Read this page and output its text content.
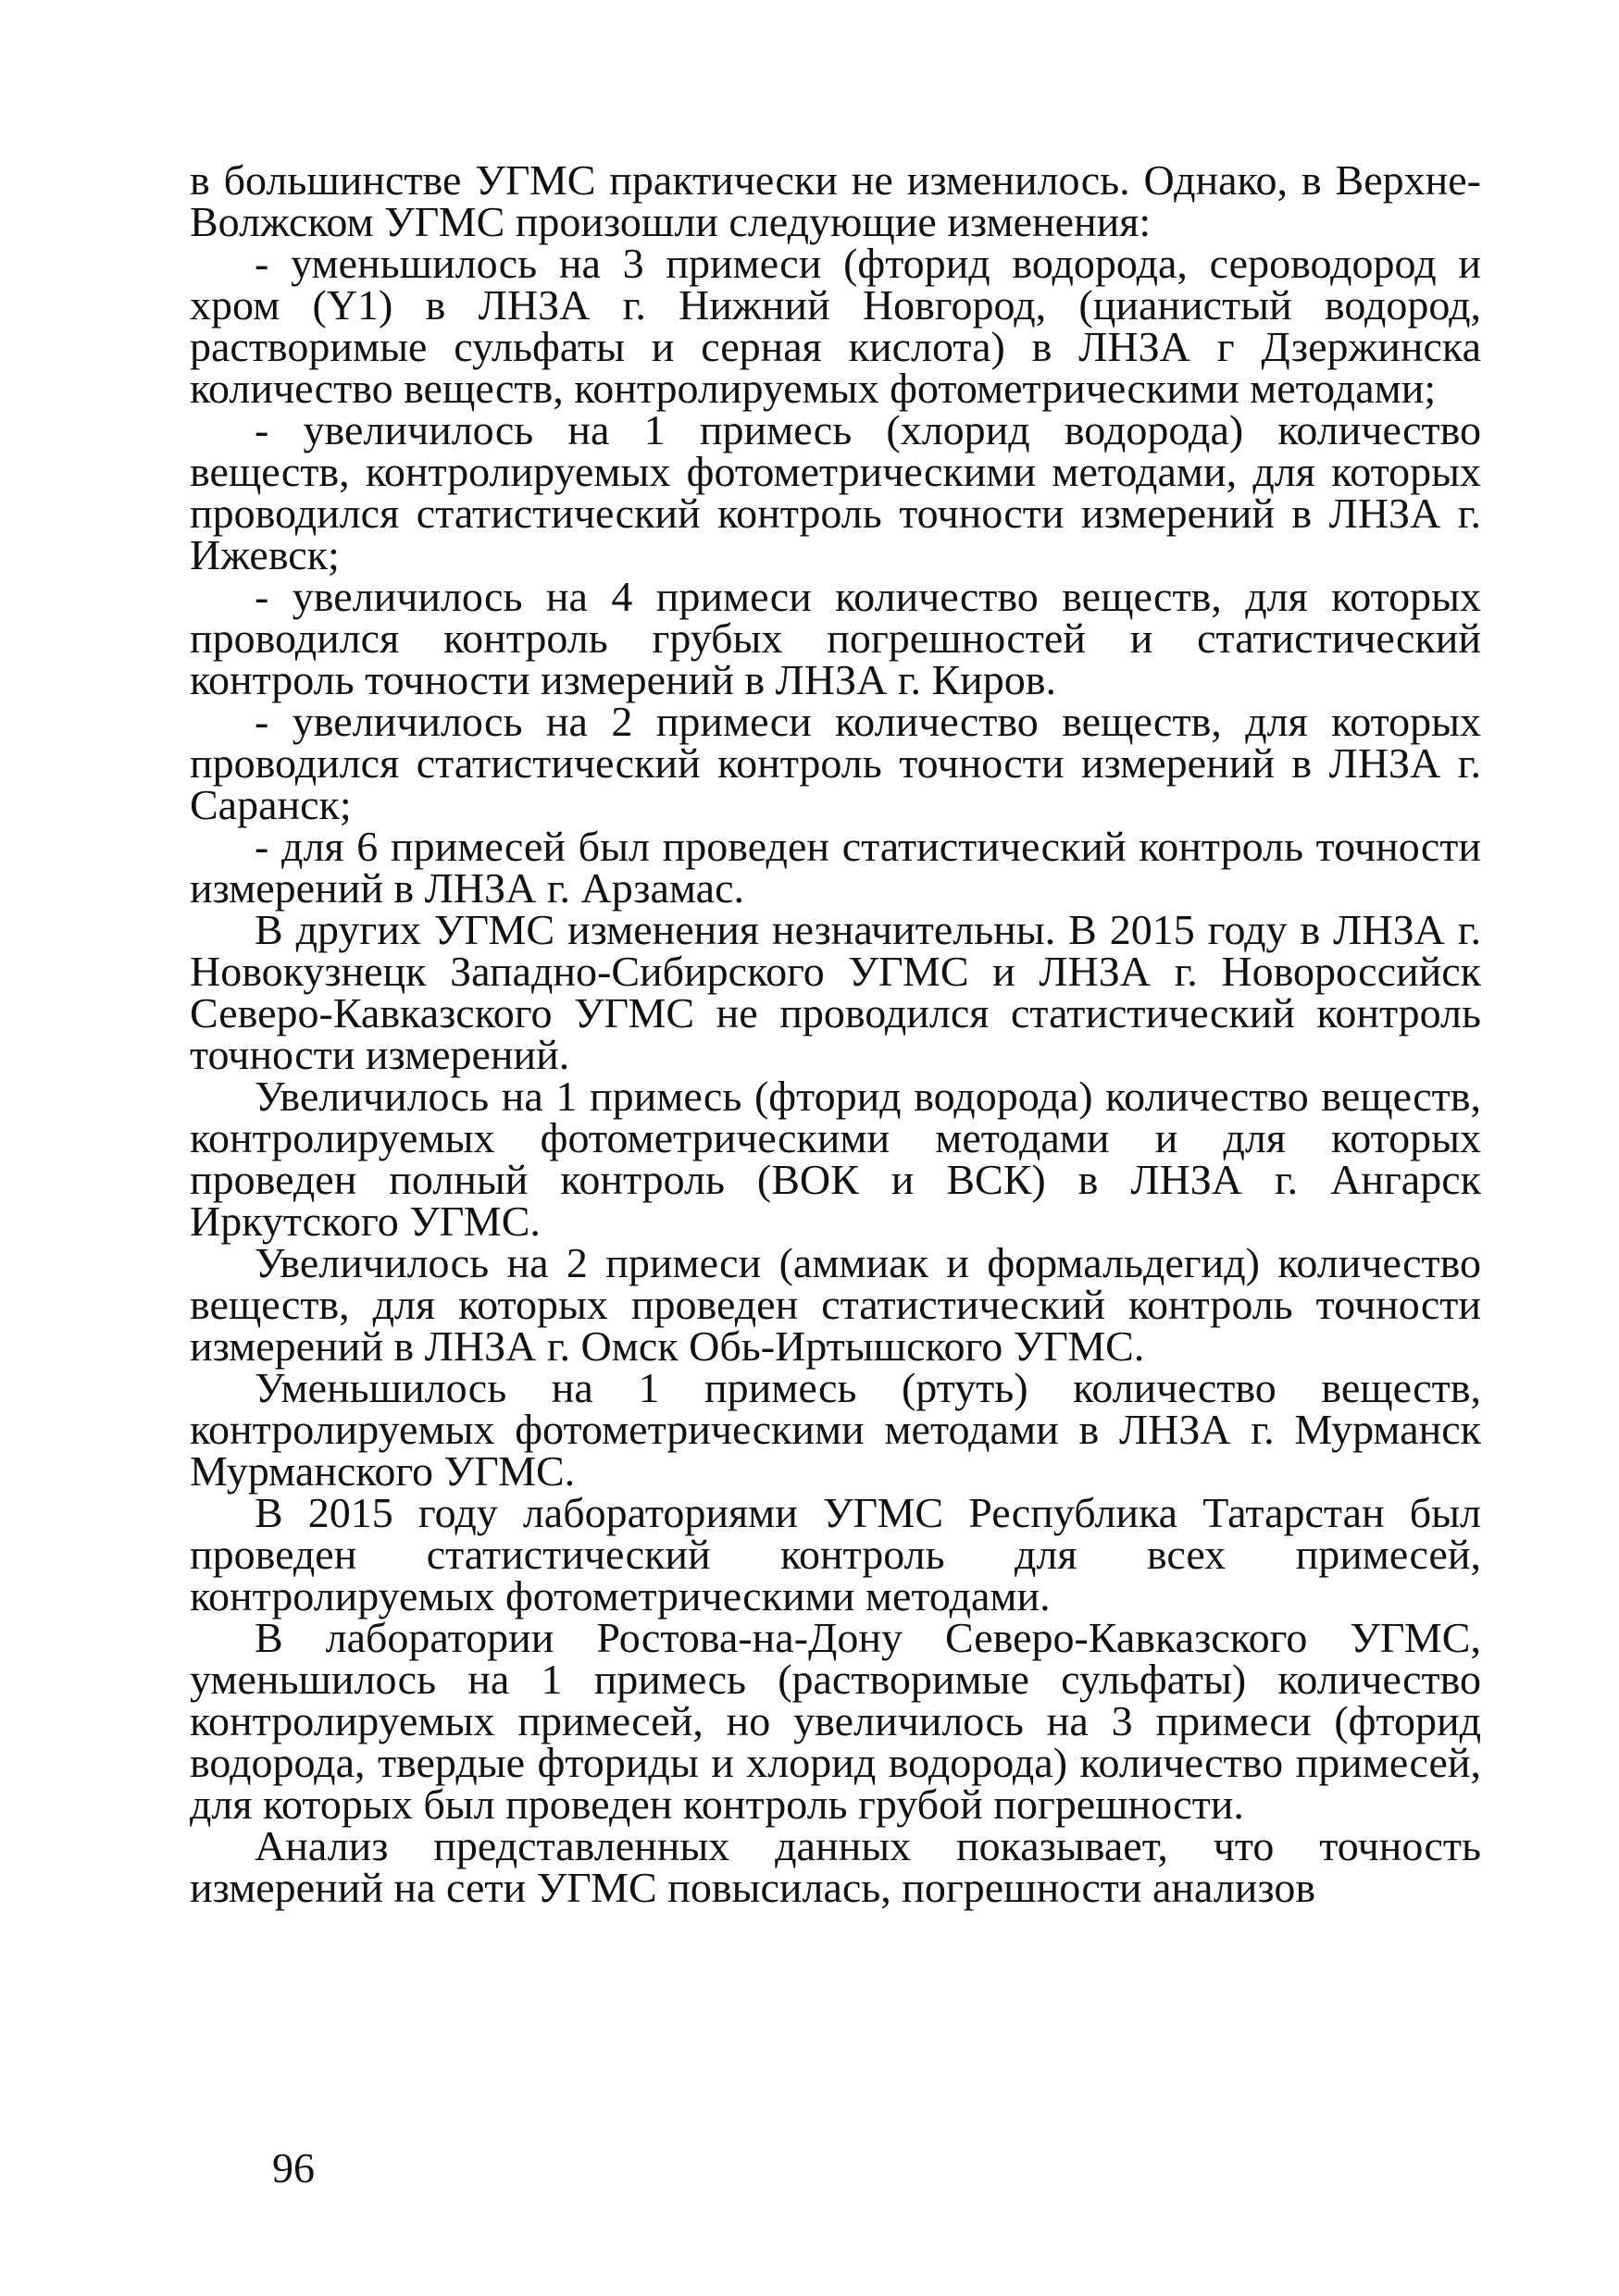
в большинстве УГМС практически не изменилось. Однако, в Верхне-Волжском УГМС произошли следующие изменения:

- уменьшилось на 3 примеси (фторид водорода, сероводород и хром (Y1) в ЛНЗА г. Нижний Новгород, (цианистый водород, растворимые сульфаты и серная кислота) в ЛНЗА г Дзержинска количество веществ, контролируемых фотометрическими методами;

- увеличилось на 1 примесь (хлорид водорода) количество веществ, контролируемых фотометрическими методами, для которых проводился статистический контроль точности измерений в ЛНЗА г. Ижевск;

- увеличилось на 4 примеси количество веществ, для которых проводился контроль грубых погрешностей и статистический контроль точности измерений в ЛНЗА г. Киров.

- увеличилось на 2 примеси количество веществ, для которых проводился статистический контроль точности измерений в ЛНЗА г. Саранск;

- для 6 примесей был проведен статистический контроль точности измерений в ЛНЗА г. Арзамас.

В других УГМС изменения незначительны. В 2015 году в ЛНЗА г. Новокузнецк Западно-Сибирского УГМС и ЛНЗА г. Новороссийск Северо-Кавказского УГМС не проводился статистический контроль точности измерений.

Увеличилось на 1 примесь (фторид водорода) количество веществ, контролируемых фотометрическими методами и для которых проведен полный контроль (ВОК и ВСК) в ЛНЗА г. Ангарск Иркутского УГМС.

Увеличилось на 2 примеси (аммиак и формальдегид) количество веществ, для которых проведен статистический контроль точности измерений в ЛНЗА г. Омск Обь-Иртышского УГМС.

Уменьшилось на 1 примесь (ртуть) количество веществ, контролируемых фотометрическими методами в ЛНЗА г. Мурманск Мурманского УГМС.

В 2015 году лабораториями УГМС Республика Татарстан был проведен статистический контроль для всех примесей, контролируемых фотометрическими методами.

В лаборатории Ростова-на-Дону Северо-Кавказского УГМС, уменьшилось на 1 примесь (растворимые сульфаты) количество контролируемых примесей, но увеличилось на 3 примеси (фторид водорода, твердые фториды и хлорид водорода) количество примесей, для которых был проведен контроль грубой погрешности.

Анализ представленных данных показывает, что точность измерений на сети УГМС повысилась, погрешности анализов

96
